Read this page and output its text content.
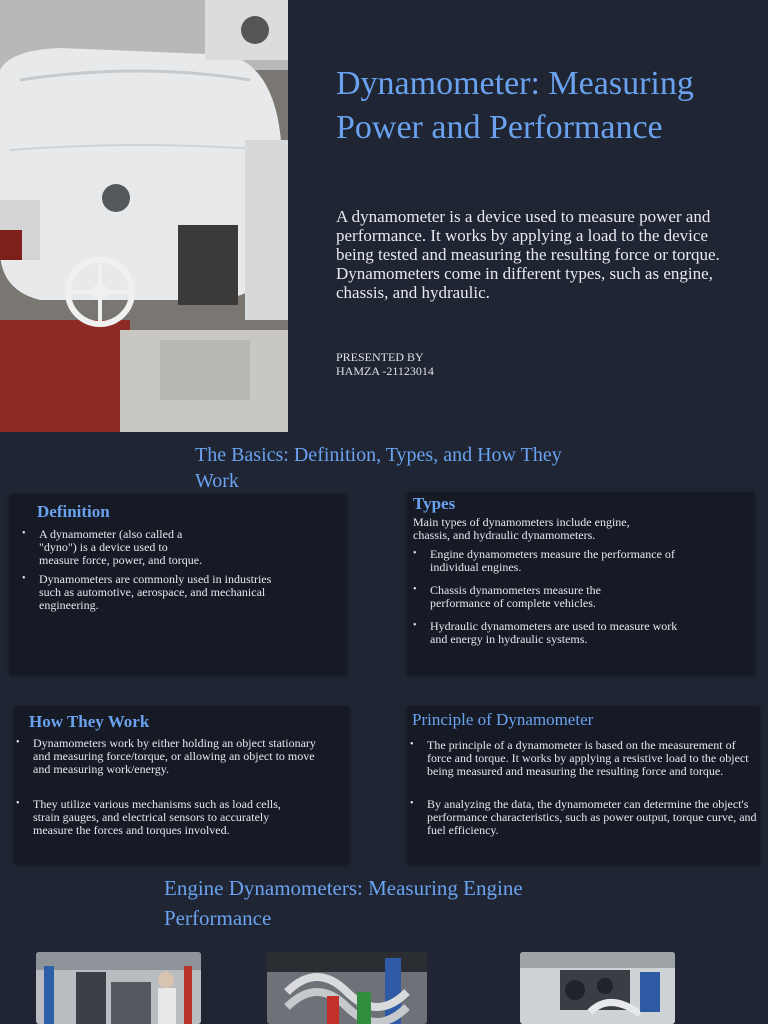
Dynamometer: Measuring Power and Performance
A dynamometer is a device used to measure power and performance. It works by applying a load to the device being tested and measuring the resulting force or torque. Dynamometers come in different types, such as engine, chassis, and hydraulic.
PRESENTED BY
HAMZA -21123014
The Basics: Definition, Types, and How They Work
Definition
• A dynamometer (also called a "dyno") is a device used to measure force, power, and torque.
• Dynamometers are commonly used in industries such as automotive, aerospace, and mechanical engineering.
Types
Main types of dynamometers include engine, chassis, and hydraulic dynamometers.
• Engine dynamometers measure the performance of individual engines.
• Chassis dynamometers measure the performance of complete vehicles.
• Hydraulic dynamometers are used to measure work and energy in hydraulic systems.
How They Work
• Dynamometers work by either holding an object stationary and measuring force/torque, or allowing an object to move and measuring work/energy.
• They utilize various mechanisms such as load cells, strain gauges, and electrical sensors to accurately measure the forces and torques involved.
Principle of Dynamometer
• The principle of a dynamometer is based on the measurement of force and torque. It works by applying a resistive load to the object being measured and measuring the resulting force and torque.
• By analyzing the data, the dynamometer can determine the object's performance characteristics, such as power output, torque curve, and fuel efficiency.
Engine Dynamometers: Measuring Engine Performance
